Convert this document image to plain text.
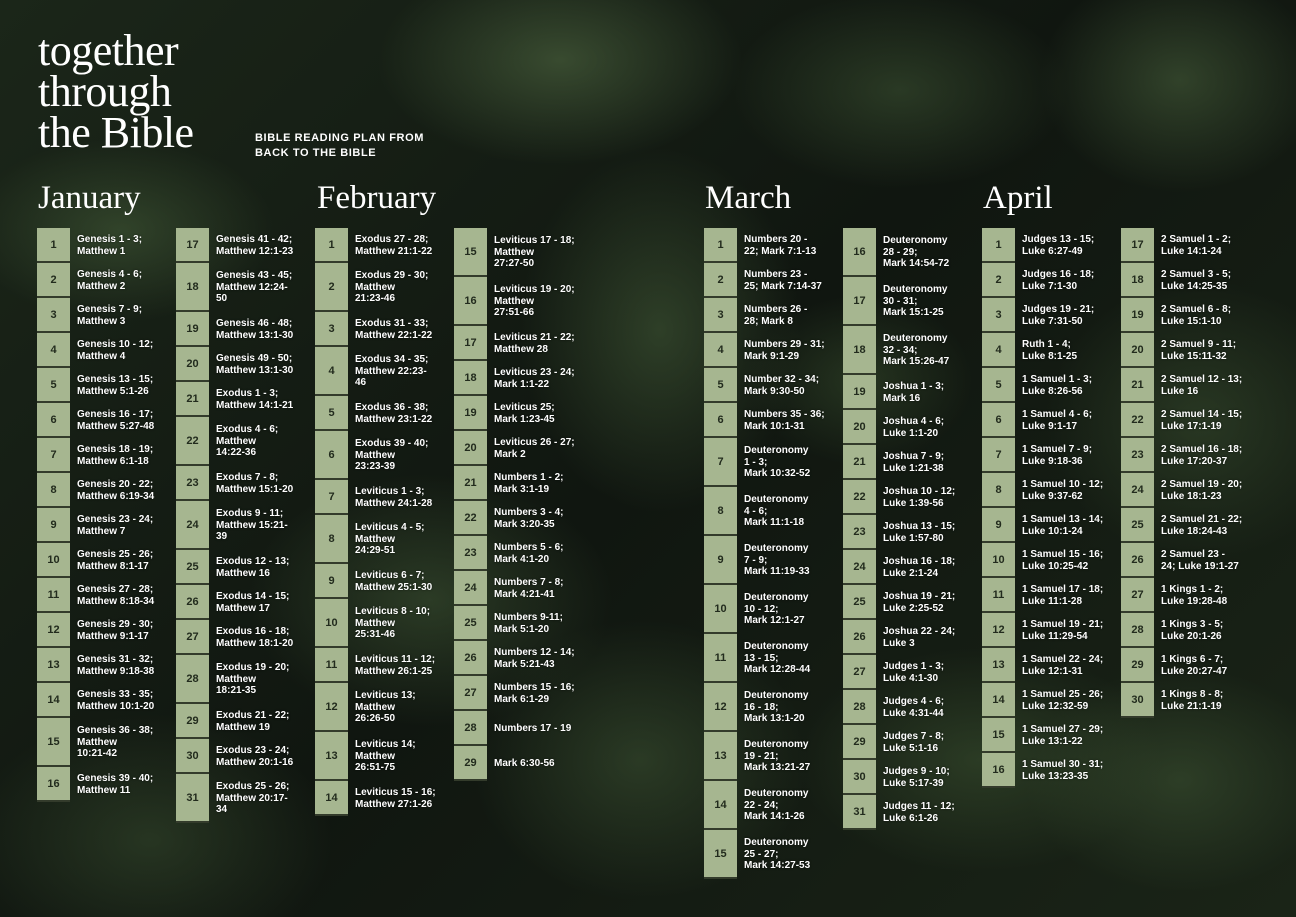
together
through
the Bible	BIBLE READING PLAN FROM
BACK TO THE BIBLE
January	February	March	April
1	Genesis 1 - 3;
Matthew 1
2	Genesis 4 - 6;
Matthew 2
3	Genesis 7 - 9;
Matthew 3
4	Genesis 10 - 12;
Matthew 4
5	Genesis 13 - 15;
Matthew 5:1-26
6	Genesis 16 - 17;
Matthew 5:27-48
7	Genesis 18 - 19;
Matthew 6:1-18
8	Genesis 20 - 22;
Matthew 6:19-34
9	Genesis 23 - 24;
Matthew 7
10	Genesis 25 - 26;
Matthew 8:1-17
11	Genesis 27 - 28;
Matthew 8:18-34
12	Genesis 29 - 30;
Matthew 9:1-17
13	Genesis 31 - 32;
Matthew 9:18-38
14	Genesis 33 - 35;
Matthew 10:1-20
15
Genesis 36 - 38;
Matthew
10:21-42
16	Genesis 39 - 40;
Matthew 11
17	Genesis 41 - 42;
Matthew 12:1-23
18
Genesis 43 - 45;
Matthew 12:24-
50
19	Genesis 46 - 48;
Matthew 13:1-30
20	Genesis 49 - 50;
Matthew 13:1-30
21	Exodus 1 - 3;
Matthew 14:1-21
22
Exodus 4 - 6;
Matthew
14:22-36
23	Exodus 7 - 8;
Matthew 15:1-20
24
Exodus 9 - 11;
Matthew 15:21-
39
25	Exodus 12 - 13;
Matthew 16
26	Exodus 14 - 15;
Matthew 17
27	Exodus 16 - 18;
Matthew 18:1-20
28
Exodus 19 - 20;
Matthew
18:21-35
29	Exodus 21 - 22;
Matthew 19
30	Exodus 23 - 24;
Matthew 20:1-16
31
Exodus 25 - 26;
Matthew 20:17-
34
1	Exodus 27 - 28;
Matthew 21:1-22
2
Exodus 29 - 30;
Matthew
21:23-46
3	Exodus 31 - 33;
Matthew 22:1-22
4
Exodus 34 - 35;
Matthew 22:23-
46
5	Exodus 36 - 38;
Matthew 23:1-22
6
Exodus 39 - 40;
Matthew
23:23-39
7	Leviticus 1 - 3;
Matthew 24:1-28
8
Leviticus 4 - 5;
Matthew
24:29-51
9	Leviticus 6 - 7;
Matthew 25:1-30
10
Leviticus 8 - 10;
Matthew
25:31-46
11	Leviticus 11 - 12;
Matthew 26:1-25
12
Leviticus 13;
Matthew
26:26-50
13
Leviticus 14;
Matthew
26:51-75
14	Leviticus 15 - 16;
Matthew 27:1-26
15
Leviticus 17 - 18;
Matthew
27:27-50
16
Leviticus 19 - 20;
Matthew
27:51-66
17	Leviticus 21 - 22;
Matthew 28
18	Leviticus 23 - 24;
Mark 1:1-22
19	Leviticus 25;
Mark 1:23-45
20	Leviticus 26 - 27;
Mark 2
21	Numbers 1 - 2;
Mark 3:1-19
22	Numbers 3 - 4;
Mark 3:20-35
23	Numbers 5 - 6;
Mark 4:1-20
24	Numbers 7 - 8;
Mark 4:21-41
25	Numbers 9-11;
Mark 5:1-20
26	Numbers 12 - 14;
Mark 5:21-43
27	Numbers 15 - 16;
Mark 6:1-29
28	Numbers 17 - 19
29	Mark 6:30-56
1	Numbers 20 -
22; Mark 7:1-13
2	Numbers 23 -
25; Mark 7:14-37
3	Numbers 26 -
28; Mark 8
4	Numbers 29 - 31;
Mark 9:1-29
5	Number 32 - 34;
Mark 9:30-50
6	Numbers 35 - 36;
Mark 10:1-31
7
Deuteronomy
1 - 3;
Mark 10:32-52
8
Deuteronomy
4 - 6;
Mark 11:1-18
9
Deuteronomy
7 - 9;
Mark 11:19-33
10
Deuteronomy
10 - 12;
Mark 12:1-27
11
Deuteronomy
13 - 15;
Mark 12:28-44
12
Deuteronomy
16 - 18;
Mark 13:1-20
13
Deuteronomy
19 - 21;
Mark 13:21-27
14
Deuteronomy
22 - 24;
Mark 14:1-26
15
Deuteronomy
25 - 27;
Mark 14:27-53
16
Deuteronomy
28 - 29;
Mark 14:54-72
17
Deuteronomy
30 - 31;
Mark 15:1-25
18
Deuteronomy
32 - 34;
Mark 15:26-47
19	Joshua 1 - 3;
Mark 16
20	Joshua 4 - 6;
Luke 1:1-20
21	Joshua 7 - 9;
Luke 1:21-38
22	Joshua 10 - 12;
Luke 1:39-56
23	Joshua 13 - 15;
Luke 1:57-80
24	Joshua 16 - 18;
Luke 2:1-24
25	Joshua 19 - 21;
Luke 2:25-52
26	Joshua 22 - 24;
Luke 3
27	Judges 1 - 3;
Luke 4:1-30
28	Judges 4 - 6;
Luke 4:31-44
29	Judges 7 - 8;
Luke 5:1-16
30	Judges 9 - 10;
Luke 5:17-39
31	Judges 11 - 12;
Luke 6:1-26
1	Judges 13 - 15;
Luke 6:27-49
2	Judges 16 - 18;
Luke 7:1-30
3	Judges 19 - 21;
Luke 7:31-50
4	Ruth 1 - 4;
Luke 8:1-25
5	1 Samuel 1 - 3;
Luke 8:26-56
6	1 Samuel 4 - 6;
Luke 9:1-17
7	1 Samuel 7 - 9;
Luke 9:18-36
8	1 Samuel 10 - 12;
Luke 9:37-62
9	1 Samuel 13 - 14;
Luke 10:1-24
10	1 Samuel 15 - 16;
Luke 10:25-42
11	1 Samuel 17 - 18;
Luke 11:1-28
12	1 Samuel 19 - 21;
Luke 11:29-54
13	1 Samuel 22 - 24;
Luke 12:1-31
14	1 Samuel 25 - 26;
Luke 12:32-59
15	1 Samuel 27 - 29;
Luke 13:1-22
16	1 Samuel 30 - 31;
Luke 13:23-35
17	2 Samuel 1 - 2;
Luke 14:1-24
18	2 Samuel 3 - 5;
Luke 14:25-35
19	2 Samuel 6 - 8;
Luke 15:1-10
20	2 Samuel 9 - 11;
Luke 15:11-32
21	2 Samuel 12 - 13;
Luke 16
22	2 Samuel 14 - 15;
Luke 17:1-19
23	2 Samuel 16 - 18;
Luke 17:20-37
24	2 Samuel 19 - 20;
Luke 18:1-23
25	2 Samuel 21 - 22;
Luke 18:24-43
26	2 Samuel 23 -
24; Luke 19:1-27
27	1 Kings 1 - 2;
Luke 19:28-48
28	1 Kings 3 - 5;
Luke 20:1-26
29	1 Kings 6 - 7;
Luke 20:27-47
30	1 Kings 8 - 8;
Luke 21:1-19
